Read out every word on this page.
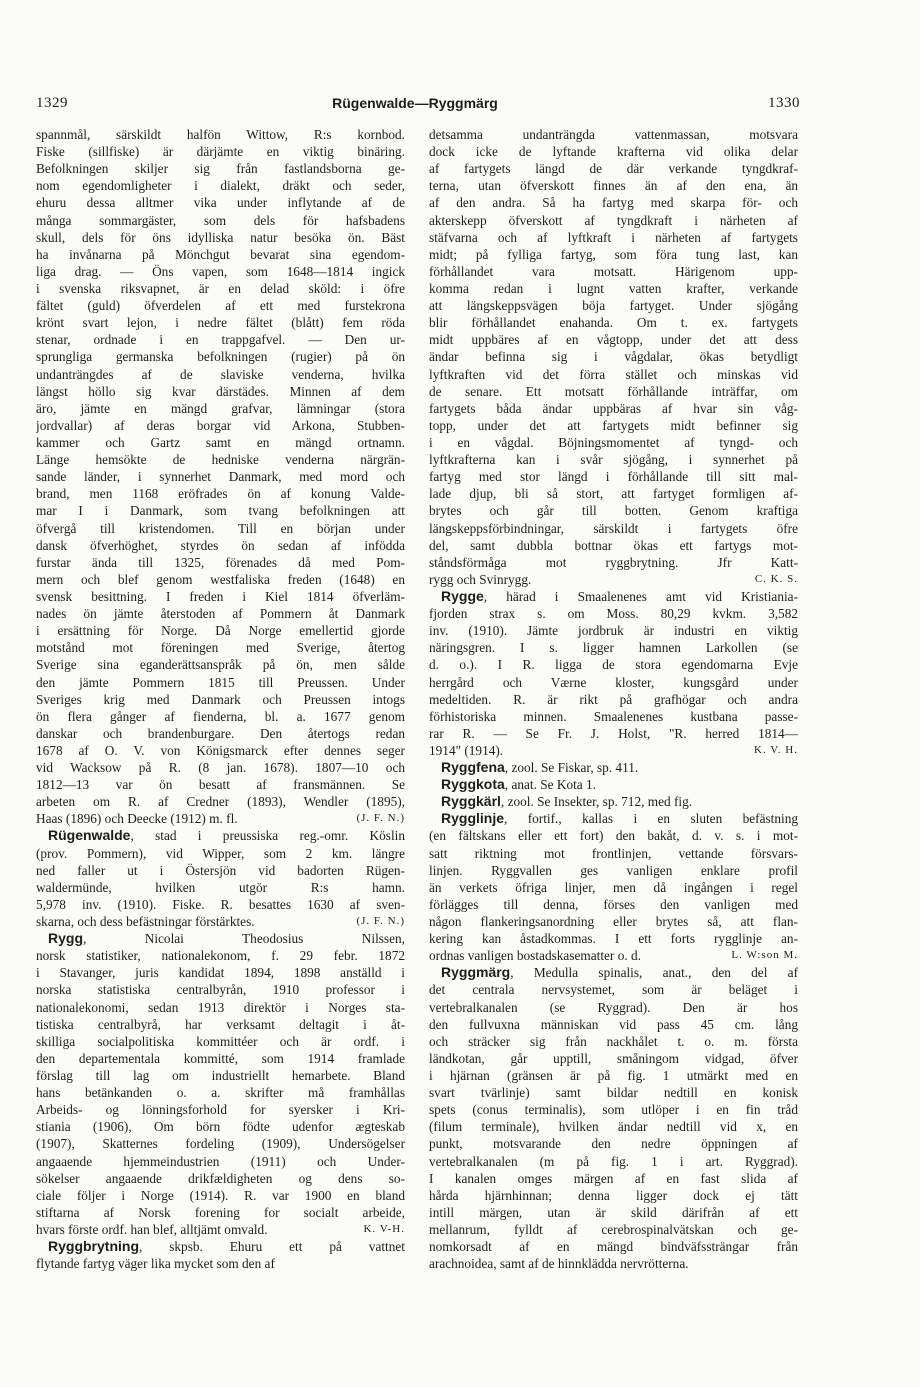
1329	Rügenwalde—Ryggmärg	1330
spannmål, särskildt halfön Wittow, R:s kornbod.
Fiske (sillfiske) är därjämte en viktig binäring.
Befolkningen skiljer sig från fastlandsborna ge-
nom egendomligheter i dialekt, dräkt och seder,
ehuru dessa alltmer vika under inflytande af de
många sommargäster, som dels för hafsbadens
skull, dels för öns idylliska natur besöka ön. Bäst
ha invånarna på Mönchgut bevarat sina egendom-
liga drag. — Öns vapen, som 1648—1814 ingick
i svenska riksvapnet, är en delad sköld: i öfre
fältet (guld) öfverdelen af ett med furstekrona
krönt svart lejon, i nedre fältet (blått) fem röda
stenar, ordnade i en trappgafvel. — Den ur-
sprungliga germanska befolkningen (rugier) på ön
undanträngdes af de slaviske venderna, hvilka
längst höllo sig kvar därstädes. Minnen af dem
äro, jämte en mängd grafvar, lämningar (stora
jordvallar) af deras borgar vid Arkona, Stubben-
kammer och Gartz samt en mängd ortnamn.
Länge hemsökte de hedniske venderna närgrän-
sande länder, i synnerhet Danmark, med mord och
brand, men 1168 eröfrades ön af konung Valde-
mar I i Danmark, som tvang befolkningen att
öfvergå till kristendomen. Till en början under
dansk öfverhöghet, styrdes ön sedan af infödda
furstar ända till 1325, förenades då med Pom-
mern och blef genom westfaliska freden (1648) en
svensk besittning. I freden i Kiel 1814 öfverläm-
nades ön jämte återstoden af Pommern åt Danmark
i ersättning för Norge. Då Norge emellertid gjorde
motstånd mot föreningen med Sverige, återtog
Sverige sina eganderättsanspråk på ön, men sålde
den jämte Pommern 1815 till Preussen. Under
Sveriges krig med Danmark och Preussen intogs
ön flera gånger af fienderna, bl. a. 1677 genom
danskar och brandenburgare. Den återtogs redan
1678 af O. V. von Königsmarck efter dennes seger
vid Wacksow på R. (8 jan. 1678). 1807—10 och
1812—13 var ön besatt af fransmännen. Se
arbeten om R. af Credner (1893), Wendler (1895),
(J. F. N.)
Haas (1896) och Deecke (1912) m. fl.
Rügenwalde, stad i preussiska reg.-omr. Köslin
(prov. Pommern), vid Wipper, som 2 km. längre
ned faller ut i Östersjön vid badorten Rügen-
waldermünde, hvilken utgör R:s hamn.
5,978 inv. (1910). Fiske. R. besattes 1630 af sven-
(J. F. N.)
skarna, och dess befästningar förstärktes.
Rygg, Nicolai Theodosius Nilssen,
norsk statistiker, nationalekonom, f. 29 febr. 1872
i Stavanger, juris kandidat 1894, 1898 anställd i
norska statistiska centralbyrån, 1910 professor i
nationalekonomi, sedan 1913 direktör i Norges sta-
tistiska centralbyrå, har verksamt deltagit i åt-
skilliga socialpolitiska kommittéer och är ordf. i
den departementala kommitté, som 1914 framlade
förslag till lag om industriellt hemarbete. Bland
hans betänkanden o. a. skrifter må framhållas
Arbeids- og lönningsforhold for syersker i Kri-
stiania (1906), Om börn födte udenfor ægteskab
(1907), Skatternes fordeling (1909), Undersögelser
angaaende hjemmeindustrien (1911) och Under-
sökelser angaaende drikfældigheten og dens so-
ciale följer i Norge (1914). R. var 1900 en bland
stiftarna af Norsk forening for socialt arbeide,
K. V-H.
hvars förste ordf. han blef, alltjämt omvald.
Ryggbrytning, skpsb. Ehuru ett på vattnet
flytande fartyg väger lika mycket som den af
detsamma undanträngda vattenmassan, motsvara
dock icke de lyftande krafterna vid olika delar
af fartygets längd de där verkande tyngdkraf-
terna, utan öfverskott finnes än af den ena, än
af den andra. Så ha fartyg med skarpa för- och
akterskepp öfverskott af tyngdkraft i närheten af
stäfvarna och af lyftkraft i närheten af fartygets
midt; på fylliga fartyg, som föra tung last, kan
förhållandet vara motsatt. Härigenom upp-
komma redan i lugnt vatten krafter, verkande
att längskeppsvägen böja fartyget. Under sjögång
blir förhållandet enahanda. Om t. ex. fartygets
midt uppbäres af en vågtopp, under det att dess
ändar befinna sig i vågdalar, ökas betydligt
lyftkraften vid det förra stället och minskas vid
de senare. Ett motsatt förhållande inträffar, om
fartygets båda ändar uppbäras af hvar sin våg-
topp, under det att fartygets midt befinner sig
i en vågdal. Böjningsmomentet af tyngd- och
lyftkrafterna kan i svår sjögång, i synnerhet på
fartyg med stor längd i förhållande till sitt mal-
lade djup, bli så stort, att fartyget formligen af-
brytes och går till botten. Genom kraftiga
längskeppsförbindningar, särskildt i fartygets öfre
del, samt dubbla bottnar ökas ett fartygs mot-
ståndsförmåga mot ryggbrytning. Jfr Katt-
C. K. S.
rygg och Svinrygg.
Rygge, härad i Smaalenenes amt vid Kristiania-
fjorden strax s. om Moss. 80,29 kvkm. 3,582
inv. (1910). Jämte jordbruk är industri en viktig
näringsgren. I s. ligger hamnen Larkollen (se
d. o.). I R. ligga de stora egendomarna Evje
herrgård och Værne kloster, kungsgård under
medeltiden. R. är rikt på grafhögar och andra
förhistoriska minnen. Smaalenenes kustbana passe-
rar R. — Se Fr. J. Holst, "R. herred 1814—
K. V. H.
1914" (1914).
Ryggfena, zool. Se Fiskar, sp. 411.
Ryggkota, anat. Se Kota 1.
Ryggkärl, zool. Se Insekter, sp. 712, med fig.
Rygglinje, fortif., kallas i en sluten befästning
(en fältskans eller ett fort) den bakåt, d. v. s. i mot-
satt riktning mot frontlinjen, vettande försvars-
linjen. Ryggvallen ges vanligen enklare profil
än verkets öfriga linjer, men då ingången i regel
förlägges till denna, förses den vanligen med
någon flankeringsanordning eller brytes så, att flan-
kering kan åstadkommas. I ett forts rygglinje an-
L. W:son M.
ordnas vanligen bostadskasematter o. d.
Ryggmärg, Medulla spinalis, anat., den del af
det centrala nervsystemet, som är beläget i
vertebralkanalen (se Ryggrad). Den är hos
den fullvuxna människan vid pass 45 cm. lång
och sträcker sig från nackhålet t. o. m. första
ländkotan, går upptill, småningom vidgad, öfver
i hjärnan (gränsen är på fig. 1 utmärkt med en
svart tvärlinje) samt bildar nedtill en konisk
spets (conus terminalis), som utlöper i en fin tråd
(filum terminale), hvilken ändar nedtill vid x, en
punkt, motsvarande den nedre öppningen af
vertebralkanalen (m på fig. 1 i art. Ryggrad).
I kanalen omges märgen af en fast slida af
hårda hjärnhinnan; denna ligger dock ej tätt
intill märgen, utan är skild därifrån af ett
mellanrum, fylldt af cerebrospinalvätskan och ge-
nomkorsadt af en mängd bindväfssträngar från
arachnoidea, samt af de hinnklädda nervrötterna.
